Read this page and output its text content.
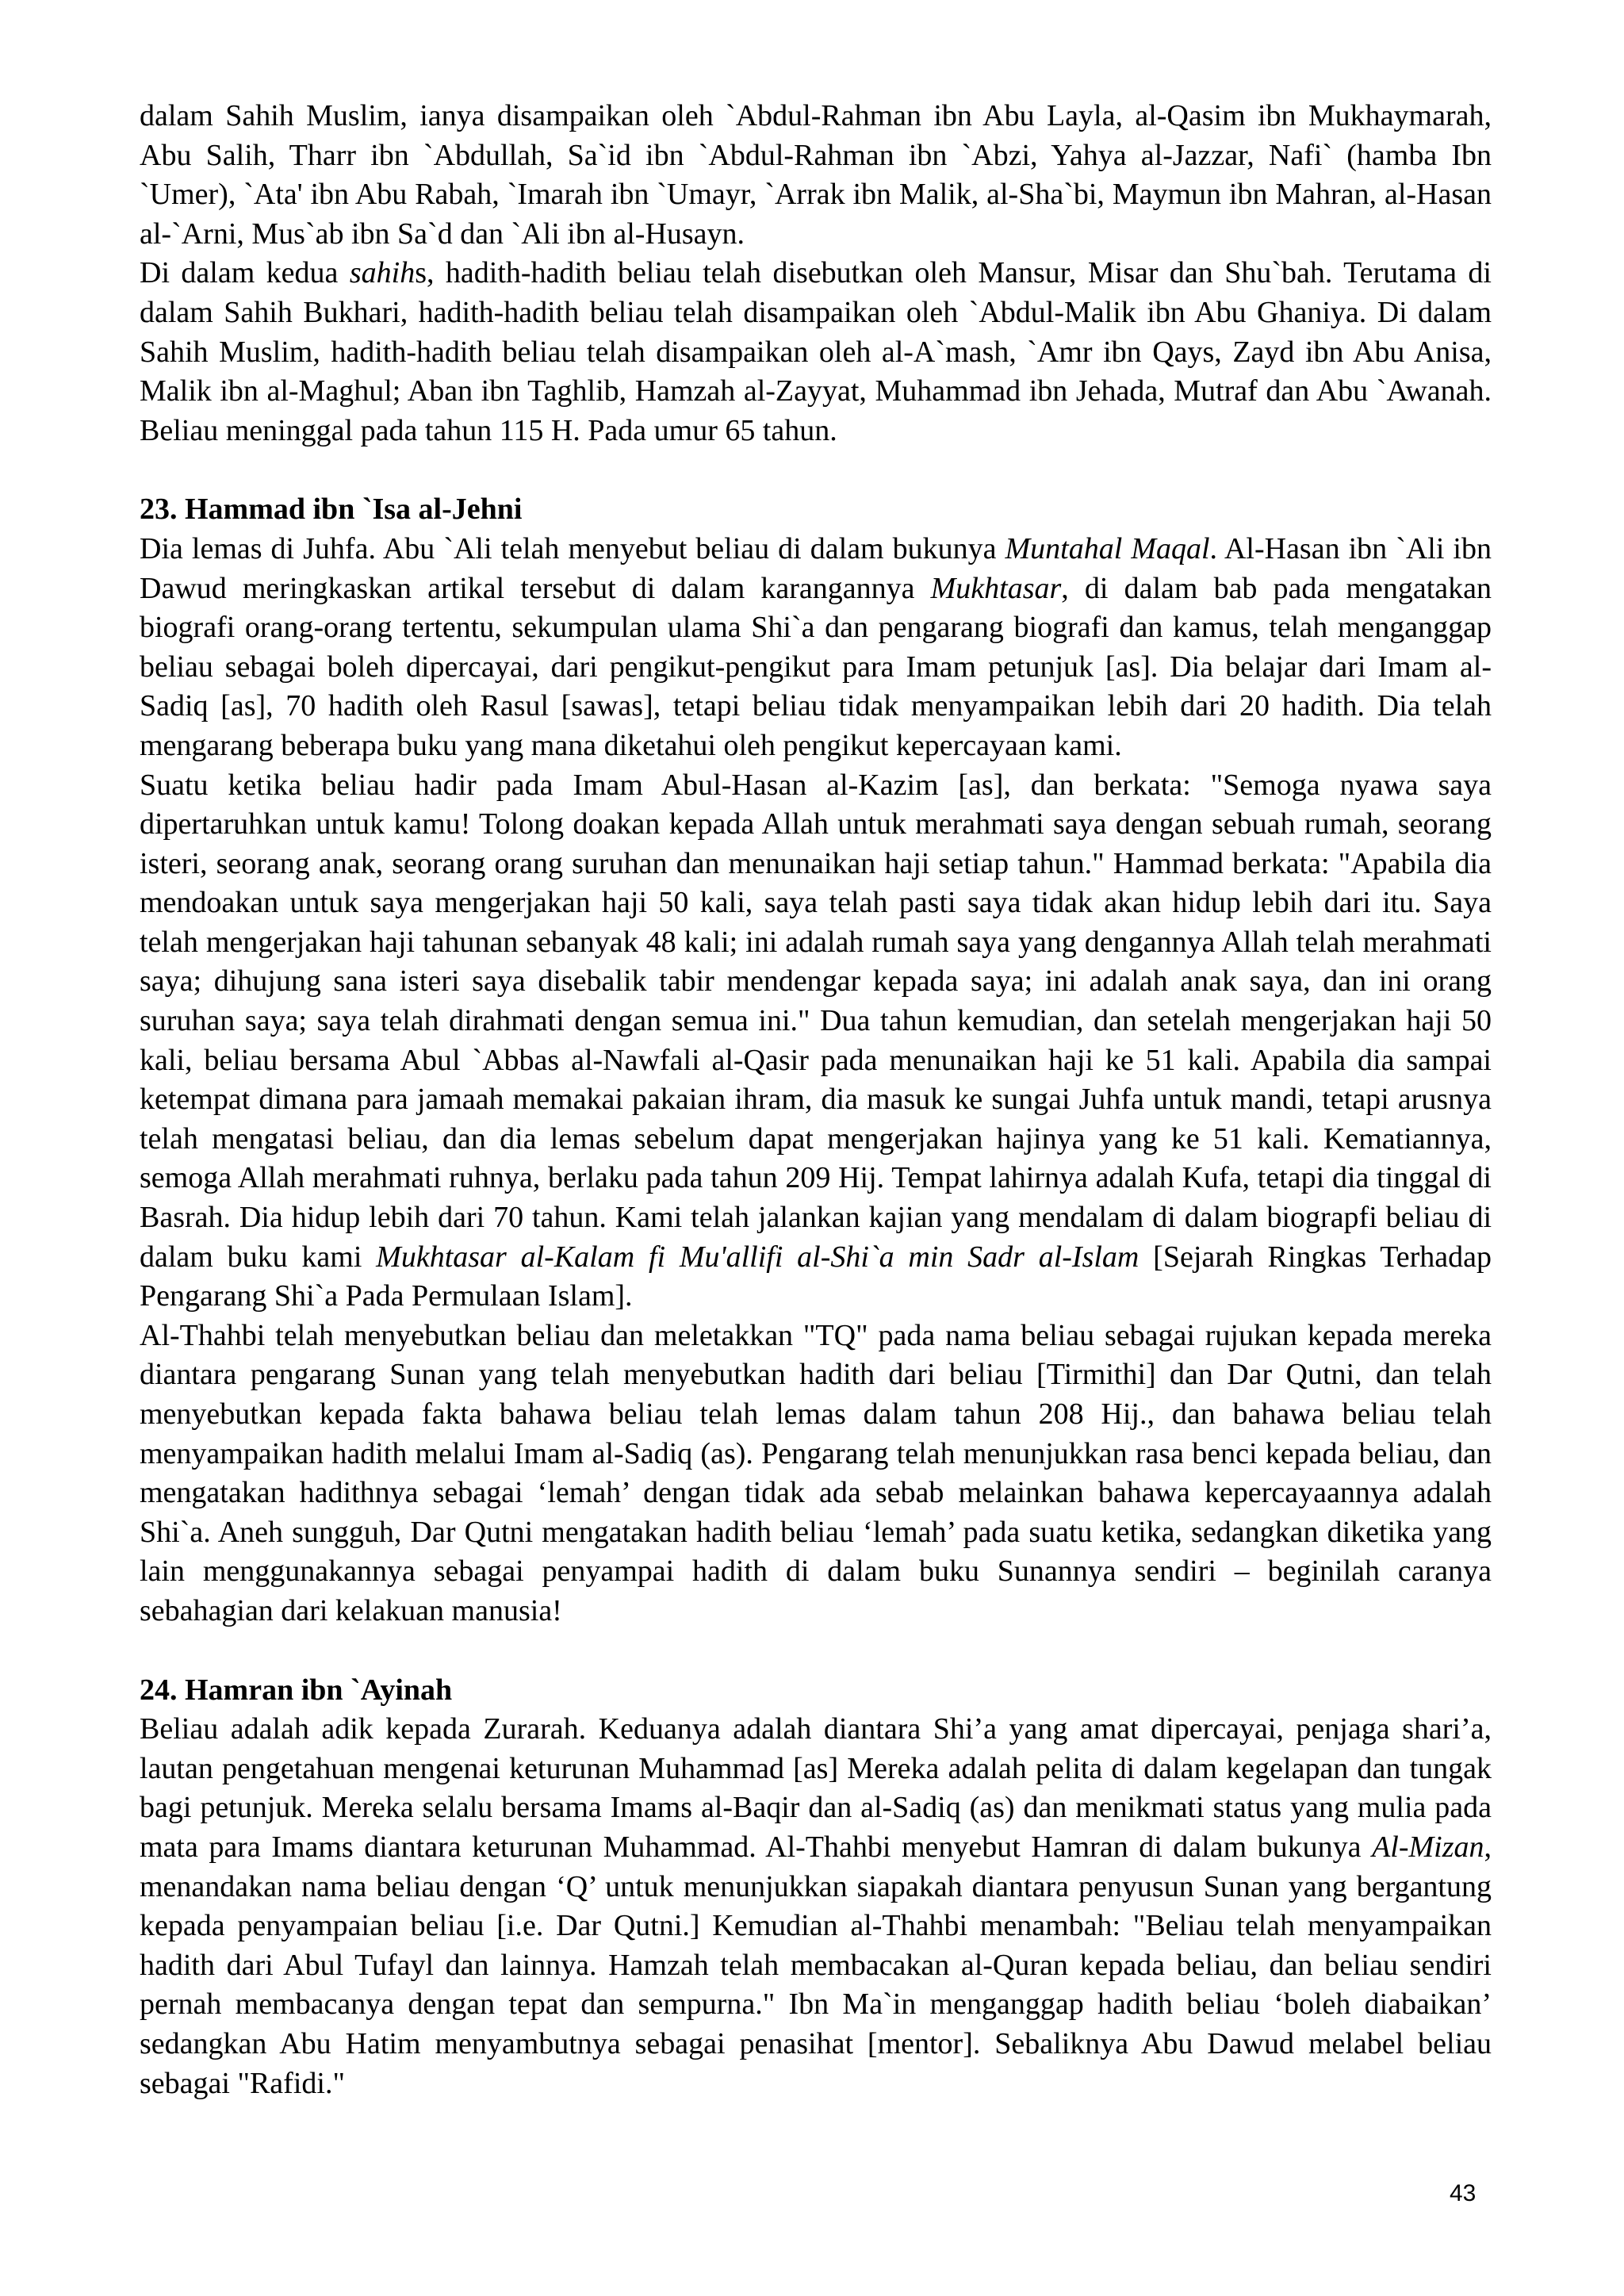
dalam Sahih Muslim, ianya disampaikan oleh `Abdul-Rahman ibn Abu Layla, al-Qasim ibn Mukhaymarah, Abu Salih, Tharr ibn `Abdullah, Sa`id ibn `Abdul-Rahman ibn `Abzi, Yahya al-Jazzar, Nafi` (hamba Ibn `Umer), `Ata' ibn Abu Rabah, `Imarah ibn `Umayr, `Arrak ibn Malik, al-Sha`bi, Maymun ibn Mahran, al-Hasan al-`Arni, Mus`ab ibn Sa`d dan `Ali ibn al-Husayn.

Di dalam kedua sahihs, hadith-hadith beliau telah disebutkan oleh Mansur, Misar dan Shu`bah. Terutama di dalam Sahih Bukhari, hadith-hadith beliau telah disampaikan oleh `Abdul-Malik ibn Abu Ghaniya. Di dalam Sahih Muslim, hadith-hadith beliau telah disampaikan oleh al-A`mash, `Amr ibn Qays, Zayd ibn Abu Anisa, Malik ibn al-Maghul; Aban ibn Taghlib, Hamzah al-Zayyat, Muhammad ibn Jehada, Mutraf dan Abu `Awanah. Beliau meninggal pada tahun 115 H. Pada umur 65 tahun.

23. Hammad ibn `Isa al-Jehni

Dia lemas di Juhfa. Abu `Ali telah menyebut beliau di dalam bukunya Muntahal Maqal. Al-Hasan ibn `Ali ibn Dawud meringkaskan artikal tersebut di dalam karangannya Mukhtasar, di dalam bab pada mengatakan biografi orang-orang tertentu, sekumpulan ulama Shi`a dan pengarang biografi dan kamus, telah menganggap beliau sebagai boleh dipercayai, dari pengikut-pengikut para Imam petunjuk [as]. Dia belajar dari Imam al-Sadiq [as], 70 hadith oleh Rasul [sawas], tetapi beliau tidak menyampaikan lebih dari 20 hadith. Dia telah mengarang beberapa buku yang mana diketahui oleh pengikut kepercayaan kami.

Suatu ketika beliau hadir pada Imam Abul-Hasan al-Kazim [as], dan berkata: "Semoga nyawa saya dipertaruhkan untuk kamu! Tolong doakan kepada Allah untuk merahmati saya dengan sebuah rumah, seorang isteri, seorang anak, seorang orang suruhan dan menunaikan haji setiap tahun." Hammad berkata: "Apabila dia mendoakan untuk saya mengerjakan haji 50 kali, saya telah pasti saya tidak akan hidup lebih dari itu. Saya telah mengerjakan haji tahunan sebanyak 48 kali; ini adalah rumah saya yang dengannya Allah telah merahmati saya; dihujung sana isteri saya disebalik tabir mendengar kepada saya; ini adalah anak saya, dan ini orang suruhan saya; saya telah dirahmati dengan semua ini." Dua tahun kemudian, dan setelah mengerjakan haji 50 kali, beliau bersama Abul `Abbas al-Nawfali al-Qasir pada menunaikan haji ke 51 kali. Apabila dia sampai ketempat dimana para jamaah memakai pakaian ihram, dia masuk ke sungai Juhfa untuk mandi, tetapi arusnya telah mengatasi beliau, dan dia lemas sebelum dapat mengerjakan hajinya yang ke 51 kali. Kematiannya, semoga Allah merahmati ruhnya, berlaku pada tahun 209 Hij. Tempat lahirnya adalah Kufa, tetapi dia tinggal di Basrah. Dia hidup lebih dari 70 tahun. Kami telah jalankan kajian yang mendalam di dalam biograpfi beliau di dalam buku kami Mukhtasar al-Kalam fi Mu'allifi al-Shi`a min Sadr al-Islam [Sejarah Ringkas Terhadap Pengarang Shi`a Pada Permulaan Islam].

Al-Thahbi telah menyebutkan beliau dan meletakkan "TQ" pada nama beliau sebagai rujukan kepada mereka diantara pengarang Sunan yang telah menyebutkan hadith dari beliau [Tirmithi] dan Dar Qutni, dan telah menyebutkan kepada fakta bahawa beliau telah lemas dalam tahun 208 Hij., dan bahawa beliau telah menyampaikan hadith melalui Imam al-Sadiq (as). Pengarang telah menunjukkan rasa benci kepada beliau, dan mengatakan hadithnya sebagai ‘lemah’ dengan tidak ada sebab melainkan bahawa kepercayaannya adalah Shi`a. Aneh sungguh, Dar Qutni mengatakan hadith beliau ‘lemah’ pada suatu ketika, sedangkan diketika yang lain menggunakannya sebagai penyampai hadith di dalam buku Sunannya sendiri – beginilah caranya sebahagian dari kelakuan manusia!

24. Hamran ibn `Ayinah

Beliau adalah adik kepada Zurarah. Keduanya adalah diantara Shi’a yang amat dipercayai, penjaga shari’a, lautan pengetahuan mengenai keturunan Muhammad [as] Mereka adalah pelita di dalam kegelapan dan tungak bagi petunjuk. Mereka selalu bersama Imams al-Baqir dan al-Sadiq (as) dan menikmati status yang mulia pada mata para Imams diantara keturunan Muhammad. Al-Thahbi menyebut Hamran di dalam bukunya Al-Mizan, menandakan nama beliau dengan ‘Q’ untuk menunjukkan siapakah diantara penyusun Sunan yang bergantung kepada penyampaian beliau [i.e. Dar Qutni.] Kemudian al-Thahbi menambah: "Beliau telah menyampaikan hadith dari Abul Tufayl dan lainnya. Hamzah telah membacakan al-Quran kepada beliau, dan beliau sendiri pernah membacanya dengan tepat dan sempurna." Ibn Ma`in menganggap hadith beliau ‘boleh diabaikan’ sedangkan Abu Hatim menyambutnya sebagai penasihat [mentor]. Sebaliknya Abu Dawud melabel beliau sebagai "Rafidi."

43
